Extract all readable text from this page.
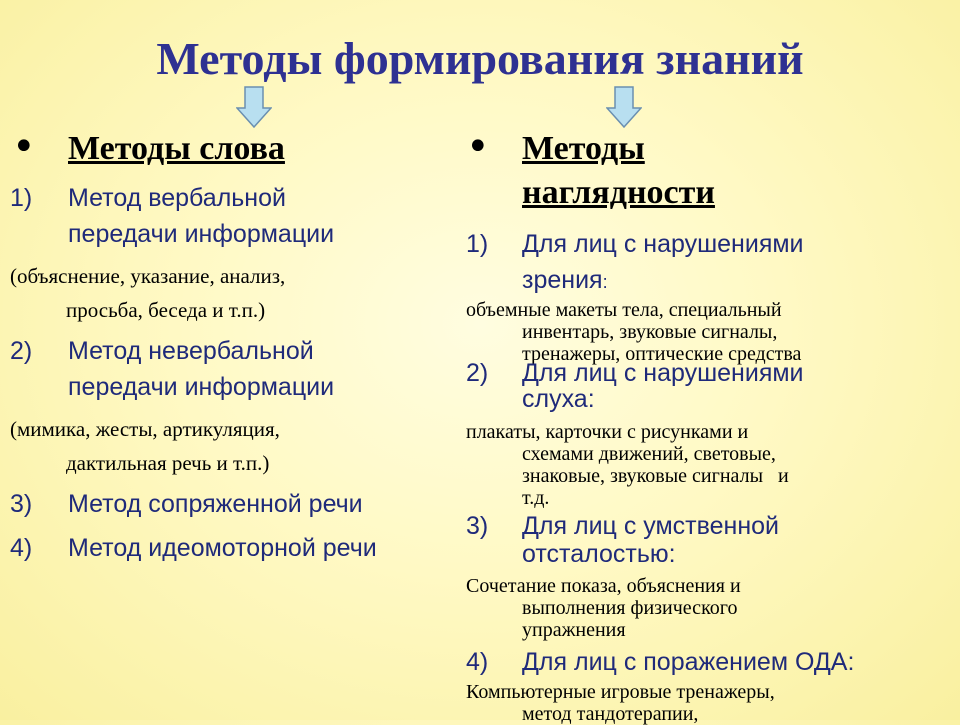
Методы формирования знаний
• Методы слова
1) Метод вербальной
передачи информации
(объяснение, указание, анализ,
просьба, беседа и т.п.)
2) Метод невербальной
передачи информации
(мимика, жесты, артикуляция,
дактильная речь и т.п.)
3) Метод сопряженной речи
4) Метод идеомоторной речи
• Методы
наглядности
1) Для лиц с нарушениями
зрения:
объемные макеты тела, специальный
инвентарь, звуковые сигналы,
тренажеры, оптические средства
2) Для лиц с нарушениями
слуха:
плакаты, карточки с рисунками и
схемами движений, световые,
знаковые, звуковые сигналы   и
т.д.
3) Для лиц с умственной
отсталостью:
Сочетание показа, объяснения и
выполнения физического
упражнения
4) Для лиц с поражением ОДА:
Компьютерные игровые тренажеры,
метод тандотерапии,
